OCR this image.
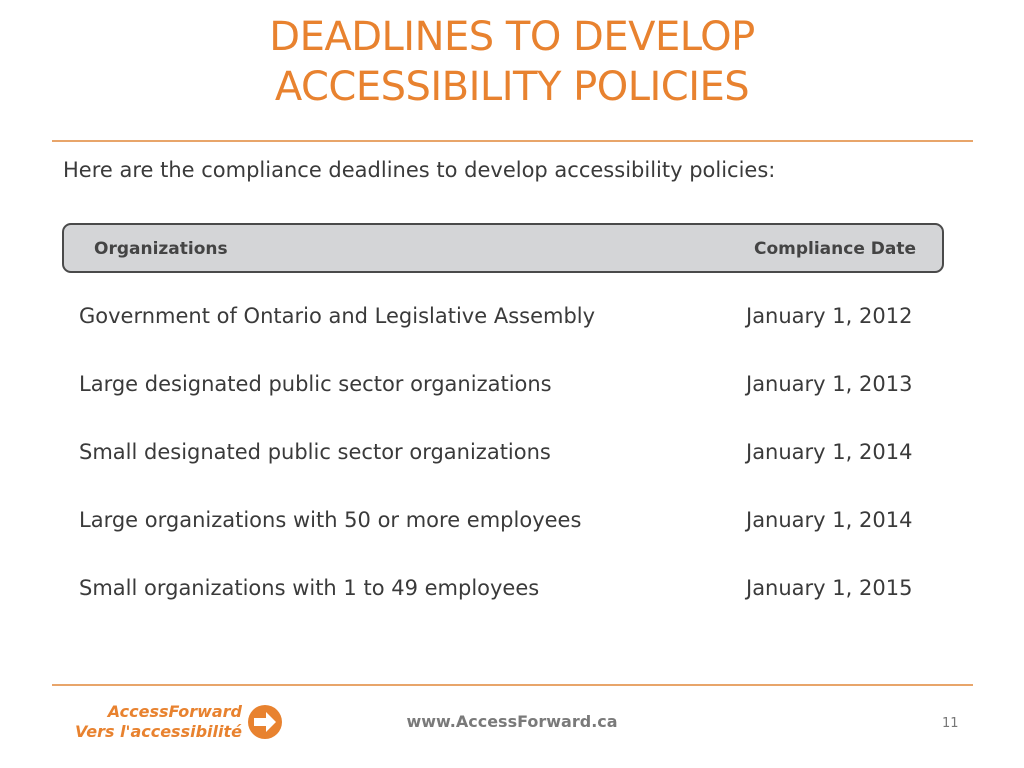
DEADLINES TO DEVELOP
ACCESSIBILITY POLICIES
Here are the compliance deadlines to develop accessibility policies:
Organizations	Compliance Date
Government of Ontario and Legislative Assembly	January 1, 2012
Large designated public sector organizations	January 1, 2013
Small designated public sector organizations	January 1, 2014
Large organizations with 50 or more employees	January 1, 2014
Small organizations with 1 to 49 employees	January 1, 2015
AccessForward
Vers l'accessibilité
www.AccessForward.ca	11
